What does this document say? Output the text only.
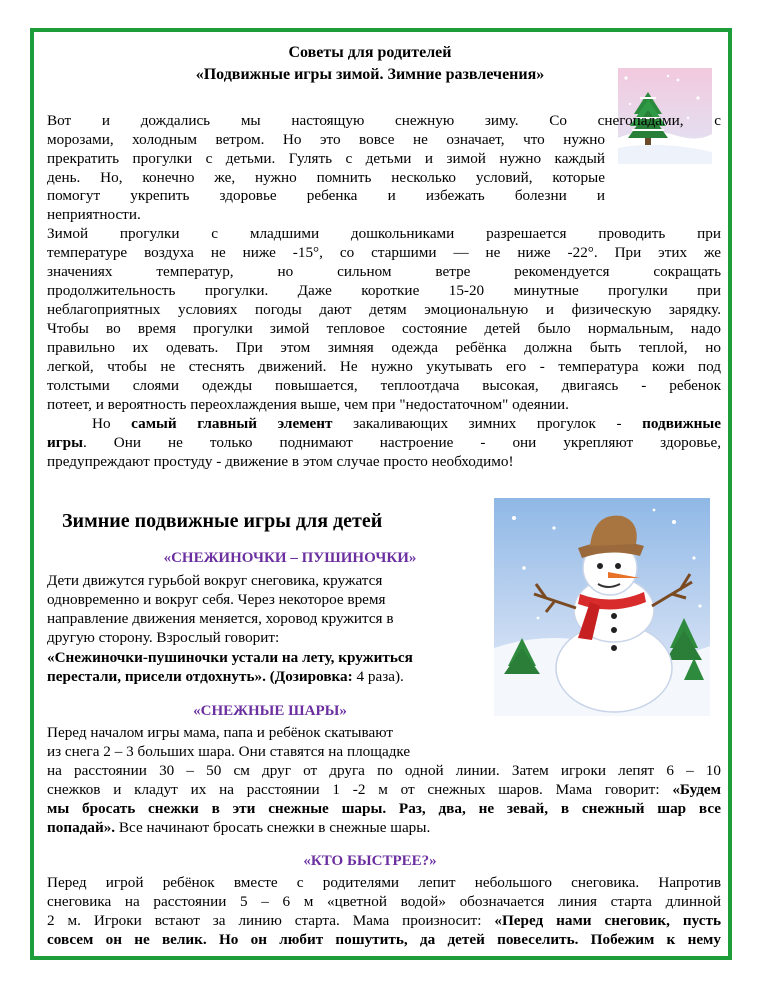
Советы для родителей
«Подвижные игры зимой. Зимние развлечения»
Вот и дождались мы настоящую снежную зиму. Со снегопадами, с
морозами, холодным ветром. Но это вовсе не означает, что нужно
прекратить прогулки с детьми. Гулять с детьми и зимой нужно каждый
день. Но, конечно же, нужно помнить несколько условий, которые
помогут укрепить здоровье ребенка и избежать болезни и
неприятности.
Зимой прогулки с младшими дошкольниками разрешается проводить при
температуре воздуха не ниже -15°, со старшими — не ниже -22°. При этих же
значениях температур, но сильном ветре рекомендуется сокращать
продолжительность прогулки. Даже короткие 15-20 минутные прогулки при
неблагоприятных условиях погоды дают детям эмоциональную и физическую зарядку.
Чтобы во время прогулки зимой тепловое состояние детей было нормальным, надо
правильно их одевать. При этом зимняя одежда ребёнка должна быть теплой, но
легкой, чтобы не стеснять движений. Не нужно укутывать его - температура кожи под
толстыми слоями одежды повышается, теплоотдача высокая, двигаясь - ребенок
потеет, и вероятность переохлаждения выше, чем при "недостаточном" одеянии.
Но самый главный элемент закаливающих зимних прогулок - подвижные
игры. Они не только поднимают настроение - они укрепляют здоровье,
предупреждают простуду - движение в этом случае просто необходимо!
Зимние подвижные игры для детей
«СНЕЖИНОЧКИ – ПУШИНОЧКИ»
Дети движутся гурьбой вокруг снеговика, кружатся
одновременно и вокруг себя. Через некоторое время
направление движения меняется, хоровод кружится в
другую сторону. Взрослый говорит:
«Снежиночки-пушиночки устали на лету, кружиться
перестали, присели отдохнуть». (Дозировка: 4 раза).
«СНЕЖНЫЕ ШАРЫ»
Перед началом игры мама, папа и ребёнок скатывают
из снега 2 – 3 больших шара. Они ставятся на площадке
на расстоянии 30 – 50 см друг от друга по одной линии. Затем игроки лепят 6 – 10
снежков и кладут их на расстоянии 1 -2 м от снежных шаров. Мама говорит: «Будем
мы бросать снежки в эти снежные шары. Раз, два, не зевай, в снежный шар все
попадай». Все начинают бросать снежки в снежные шары.
«КТО БЫСТРЕЕ?»
Перед игрой ребёнок вместе с родителями лепит небольшого снеговика. Напротив
снеговика на расстоянии 5 – 6 м «цветной водой» обозначается линия старта длинной
2 м. Игроки встают за линию старта. Мама произносит: «Перед нами снеговик, пусть
совсем он не велик. Но он любит пошутить, да детей повеселить. Побежим к нему
